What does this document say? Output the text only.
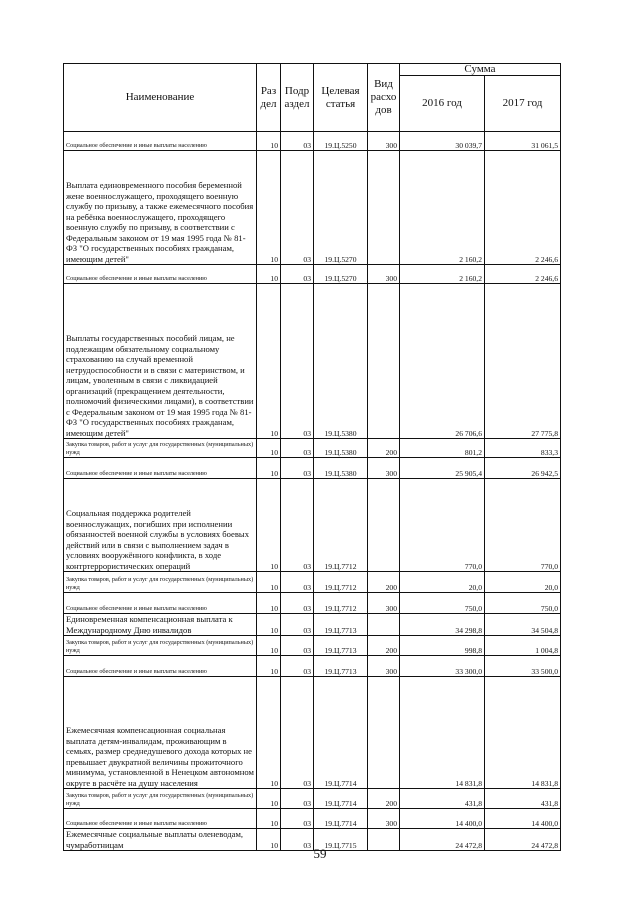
Наименование	Раз дел	Подр аздел	Целевая статья	Вид расхо дов	Сумма	
					2016 год	2017 год
Социальное обеспечение и иные выплаты населению	10	03	19.Ц.5250	300	30 039,7	31 061,5
Выплата единовременного пособия беременной жене военнослужащего, проходящего военную службу по призыву, а также ежемесячного пособия на ребёнка военнослужащего, проходящего военную службу по призыву, в соответствии с Федеральным законом от 19 мая 1995 года № 81-ФЗ "О государственных пособиях гражданам, имеющим детей"	10	03	19.Ц.5270		2 160,2	2 246,6
Социальное обеспечение и иные выплаты населению	10	03	19.Ц.5270	300	2 160,2	2 246,6
Выплаты государственных пособий лицам, не подлежащим обязательному социальному страхованию на случай временной нетрудоспособности и в связи с материнством, и лицам, уволенным в связи с ликвидацией организаций (прекращением деятельности, полномочий физическими лицами), в соответствии с Федеральным законом от 19 мая 1995 года № 81-ФЗ "О государственных пособиях гражданам, имеющим детей"	10	03	19.Ц.5380		26 706,6	27 775,8
Закупка товаров, работ и услуг для государственных (муниципальных) нужд	10	03	19.Ц.5380	200	801,2	833,3
Социальное обеспечение и иные выплаты населению	10	03	19.Ц.5380	300	25 905,4	26 942,5
Социальная поддержка родителей военнослужащих, погибших при исполнении обязанностей военной службы в условиях боевых действий или в связи с выполнением задач в условиях вооружённого конфликта, в ходе контртеррористических операций	10	03	19.Ц.7712		770,0	770,0
Закупка товаров, работ и услуг для государственных (муниципальных) нужд	10	03	19.Ц.7712	200	20,0	20,0
Социальное обеспечение и иные выплаты населению	10	03	19.Ц.7712	300	750,0	750,0
Единовременная компенсационная выплата к Международному Дню инвалидов	10	03	19.Ц.7713		34 298,8	34 504,8
Закупка товаров, работ и услуг для государственных (муниципальных) нужд	10	03	19.Ц.7713	200	998,8	1 004,8
Социальное обеспечение и иные выплаты населению	10	03	19.Ц.7713	300	33 300,0	33 500,0
Ежемесячная компенсационная социальная выплата детям-инвалидам, проживающим в семьях, размер среднедушевого дохода которых не превышает двукратной величины прожиточного минимума, установленной в Ненецком автономном округе в расчёте на душу населения	10	03	19.Ц.7714		14 831,8	14 831,8
Закупка товаров, работ и услуг для государственных (муниципальных) нужд	10	03	19.Ц.7714	200	431,8	431,8
Социальное обеспечение и иные выплаты населению	10	03	19.Ц.7714	300	14 400,0	14 400,0
Ежемесячные социальные выплаты оленеводам, чумработницам	10	03	19.Ц.7715		24 472,8	24 472,8
59
